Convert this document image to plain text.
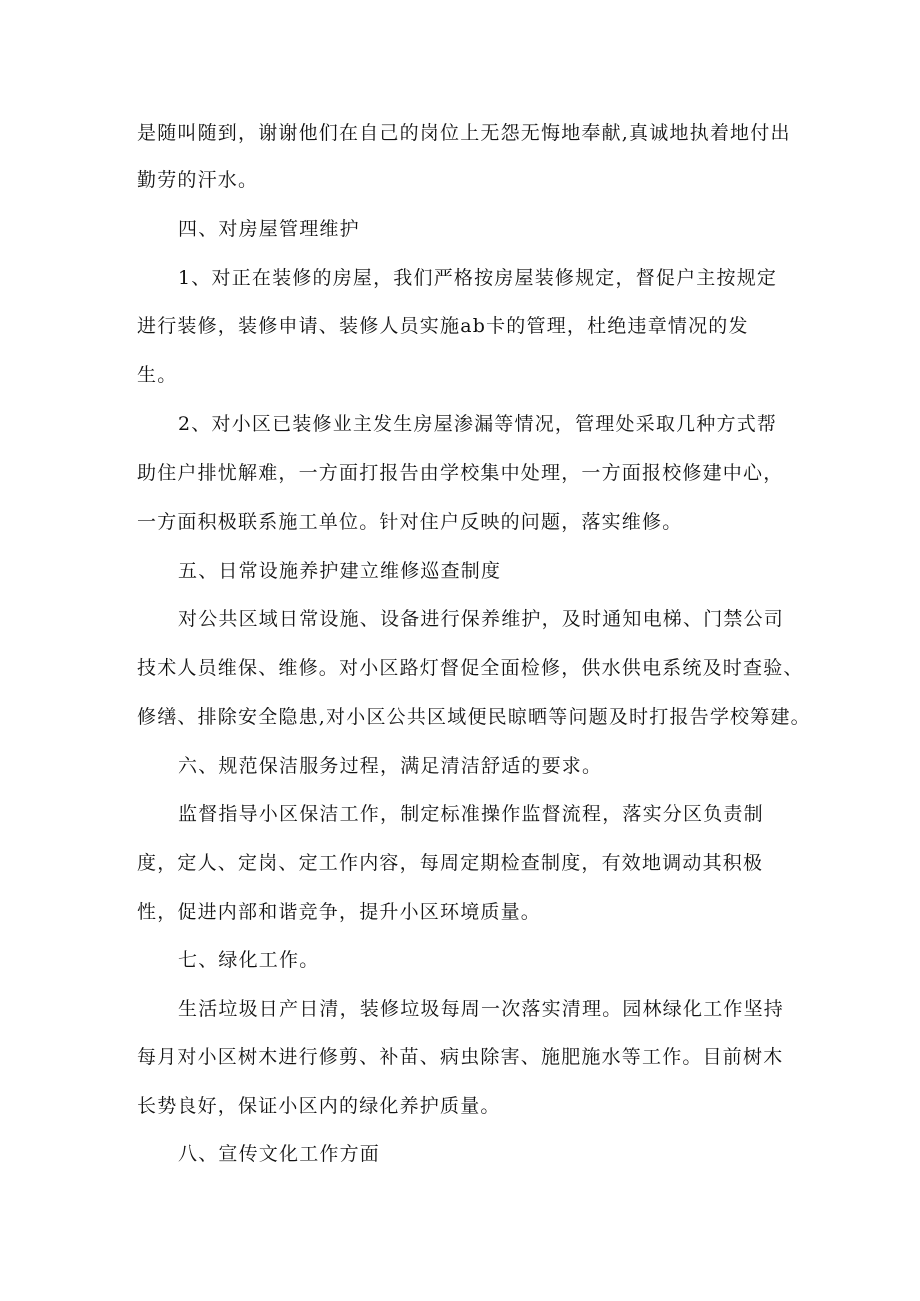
是随叫随到，谢谢他们在自己的岗位上无怨无悔地奉献,真诚地执着地付出
勤劳的汗水。
四、对房屋管理维护
1、对正在装修的房屋，我们严格按房屋装修规定，督促户主按规定
进行装修，装修申请、装修人员实施ab卡的管理，杜绝违章情况的发
生。
2、对小区已装修业主发生房屋渗漏等情况，管理处采取几种方式帮
助住户排忧解难，一方面打报告由学校集中处理，一方面报校修建中心，
一方面积极联系施工单位。针对住户反映的问题，落实维修。
五、日常设施养护建立维修巡查制度
对公共区域日常设施、设备进行保养维护，及时通知电梯、门禁公司
技术人员维保、维修。对小区路灯督促全面检修，供水供电系统及时查验、
修缮、排除安全隐患,对小区公共区域便民晾晒等问题及时打报告学校筹建。
六、规范保洁服务过程，满足清洁舒适的要求。
监督指导小区保洁工作，制定标准操作监督流程，落实分区负责制
度，定人、定岗、定工作内容，每周定期检查制度，有效地调动其积极
性，促进内部和谐竞争，提升小区环境质量。
七、绿化工作。
生活垃圾日产日清，装修垃圾每周一次落实清理。园林绿化工作坚持
每月对小区树木进行修剪、补苗、病虫除害、施肥施水等工作。目前树木
长势良好，保证小区内的绿化养护质量。
八、宣传文化工作方面
